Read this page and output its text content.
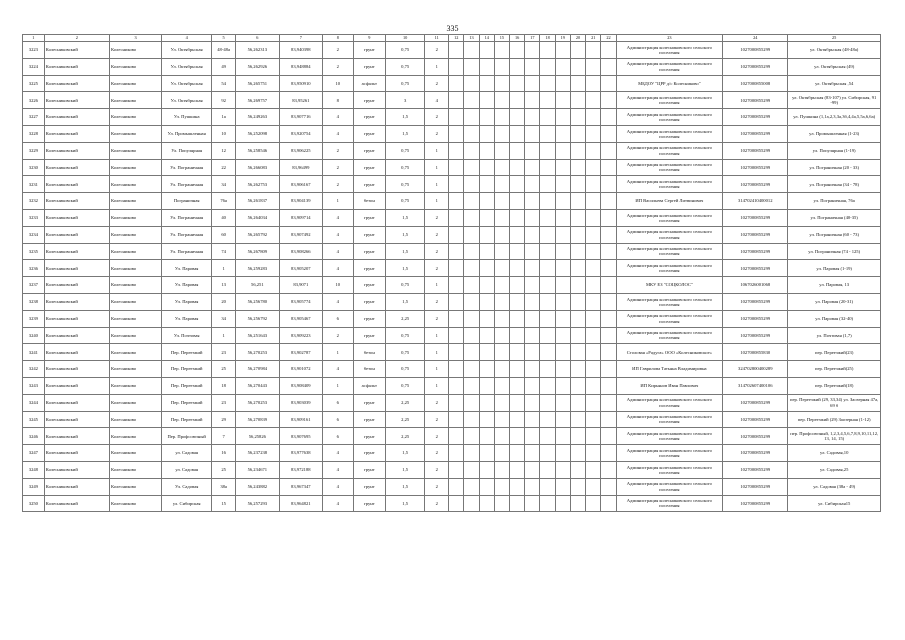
335
1	2	3	4	5	6	7	8	9	10	11	12	13	14	15	16	17	18	19	20	21	22	23	24	25
3223	Колесниковский	Колесниково	Ул. Октябрьская	48-48а	56,262313	83,940398	2	грунт	0,75	2												Администрация колесниковского сельского поселения	1027000855299	ул. Октябрьская (48-48а)
3224	Колесниковский	Колесниково	Ул. Октябрьская	49	56,262926	83,948884	2	грунт	0,75	1												Администрация колесниковского сельского поселения	1027000855299	ул. Октябрьская (49)
3225	Колесниковский	Колесниково	Ул. Октябрьская	54	56,265751	83,950910	10	асфальт	0,75	2												МБДОУ "ЦРР д/с Колесниково"	1027000855008	ул. Октябрьская ,54
3226	Колесниковский	Колесниково	Ул. Октябрьская	92	56,269757	83,95261	8	грунт	3	4												Администрация колесниковского сельского поселения	1027000855299	ул. Октябрьская (83-107) ул. Сибирская, 91 -99)
3227	Колесниковский	Колесниково	Ул. Пушкина	1а	56,249263	83,907716	4	грунт	1,5	2												Администрация колесниковского сельского поселения	1027000855299	ул. Пушкина (1,1а,2,3,3а,3б,4,4а,5,5а,6,6а)
3228	Колесниковский	Колесниково	Ул. Промышленная	10	56,252098	83,920754	4	грунт	1,5	2												Администрация колесниковского сельского поселения	1027000855299	ул. Промышленная (1-23)
3229	Колесниковский	Колесниково	Ул. Популярная	12	56,258546	83,906225	2	грунт	0,75	1												Администрация колесниковского сельского поселения	1027000855299	ул. Популярная (1-19)
3230	Колесниковский	Колесниково	Ул. Пограничная	22	56,266083	83,96499	2	грунт	0,75	1												Администрация колесниковского сельского поселения	1027000855299	ул. Пограничная (20 - 33)
3231	Колесниковский	Колесниково	Ул. Пограничная	34	56,262753	83,906167	2	грунт	0,75	1												Администрация колесниковского сельского поселения	1027000855299	ул. Пограничная (34 - 78)
3232	Колесниковский	Колесниково	Пограничная	76а	56,261837	83,904139	1	бетон	0,75	1												ИП Васильева Сергей Литвинович	314702410400012	ул. Пограничная, 76а
3233	Колесниковский	Колесниково	Ул. Пограничная	40	56,264034	83,909714	4	грунт	1,5	2												Администрация колесниковского сельского поселения	1027000855299	ул. Пограничная (40-35)
3234	Колесниковский	Колесниково	Ул. Пограничная	60	56,265792	83,907492	4	грунт	1,5	2												Администрация колесниковского сельского поселения	1027000855299	ул. Пограничная (60 - 73)
3235	Колесниковский	Колесниково	Ул. Пограничная	74	56,267809	83,908266	4	грунт	1,5	2												Администрация колесниковского сельского поселения	1027000855299	ул. Пограничная (74 - 125)
3236	Колесниковский	Колесниково	Ул. Паровая	1	56,259283	83,905207	4	грунт	1,5	2												Администрация колесниковского сельского поселения	1027000855299	ул. Паровая (1-19)
3237	Колесниковский	Колесниково	Ул. Паровая	13	56,251	83,9071	10	грунт	0,75	1												МКУ ЕЗ "СОЦКОЛОС"	1067026001068	ул. Паровая, 13
3238	Колесниковский	Колесниково	Ул. Паровая	20	56,256780	83,905774	4	грунт	1,5	2												Администрация колесниковского сельского поселения	1027000855299	ул. Паровая (20-31)
3239	Колесниковский	Колесниково	Ул. Паровая	34	56,256792	83,905467	6	грунт	2,25	2												Администрация колесниковского сельского поселения	1027000855299	ул. Паровая (32-40)
3240	Колесниковский	Колесниково	Ул. Почтовая	1	56,251643	83,909223	2	грунт	0,75	1												Администрация колесниковского сельского поселения	1027000855299	ул. Почтовая (1,7)
3241	Колесниковский	Колесниково	Пер. Переезжий	23	56,270253	83,902787	1	бетон	0,75	1												Столовая «Радуга» ООО «Колесниковское»	1027000855830	пер. Переезжий(23)
3242	Колесниковский	Колесниково	Пер. Переезжий	25	56,270984	83,901072	4	бетон	0,75	1												ИП Гаврилова Татьяна Владимировна	324702800400289	пер. Переезжий(25)
3243	Колесниковский	Колесниково	Пер. Переезжий	18	56,270443	83,908409	1	асфальт	0,75	1												ИП Кирьянов Иван Павлович	314702607400106	пер. Переезжий(18)
3244	Колесниковский	Колесниково	Пер. Переезжий	23	56,270253	83,903039	6	грунт	2,25	2												Администрация колесниковского сельского поселения	1027000855299	пер. Переезжий (29, 33,34) ул. Заозерная 47а, 69 б
3245	Колесниковский	Колесниково	Пер. Переезжий	29	56,270839	83,909161	6	грунт	2,25	2												Администрация колесниковского сельского поселения	1027000855299	пер. Переезжий (29) Заозерная (1-12)
3246	Колесниковский	Колесниково	Пер. Профсоюзный	7	56,25826	83,907695	6	грунт	2,25	2												Администрация колесниковского сельского поселения	1027000855299	пер. Профсоюзный, 1,2,3,4,5,6,7,8,9,10,11,12, 13, 14, 15)
3247	Колесниковский	Колесниково	ул. Садовая	16	56,237238	83,977638	4	грунт	1,5	2												Администрация колесниковского сельского поселения	1027000855299	ул. Садовая,10
3248	Колесниковский	Колесниково	ул. Садовая	25	56,234671	83,972188	4	грунт	1,5	2												Администрация колесниковского сельского поселения	1027000855299	ул. Садовая,25
3249	Колесниковский	Колесниково	Ул. Садовая	38а	56,243882	83,967347	4	грунт	1,5	2												Администрация колесниковского сельского поселения	1027000855299	ул. Садовая (38а - 49)
3250	Колесниковский	Колесниково	ул. Сибирская	15	56,257293	83,964821	4	грунт	1,5	2												Администрация колесниковского сельского поселения	1027000855299	ул. Сибирская15
